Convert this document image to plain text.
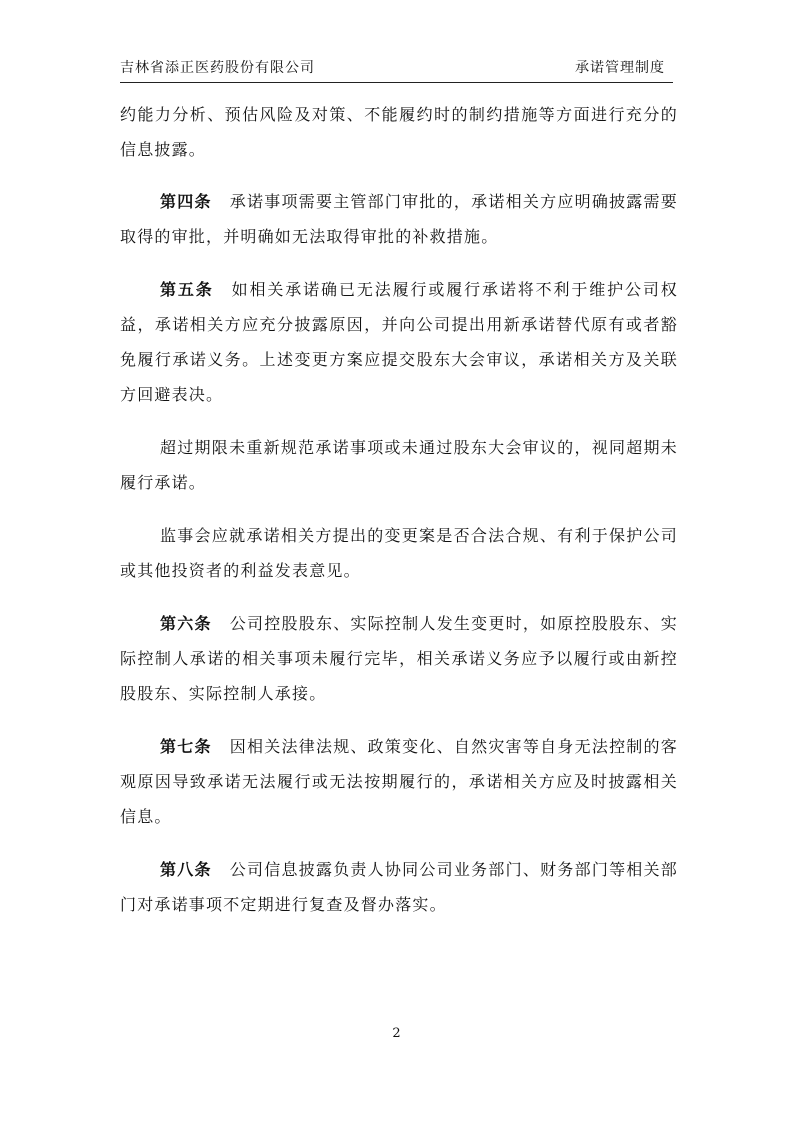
吉林省添正医药股份有限公司	承诺管理制度

约能力分析、预估风险及对策、不能履约时的制约措施等方面进行充分的信息披露。

第四条 承诺事项需要主管部门审批的，承诺相关方应明确披露需要取得的审批，并明确如无法取得审批的补救措施。

第五条 如相关承诺确已无法履行或履行承诺将不利于维护公司权益，承诺相关方应充分披露原因，并向公司提出用新承诺替代原有或者豁免履行承诺义务。上述变更方案应提交股东大会审议，承诺相关方及关联方回避表决。

超过期限未重新规范承诺事项或未通过股东大会审议的，视同超期未履行承诺。

监事会应就承诺相关方提出的变更案是否合法合规、有利于保护公司或其他投资者的利益发表意见。

第六条 公司控股股东、实际控制人发生变更时，如原控股股东、实际控制人承诺的相关事项未履行完毕，相关承诺义务应予以履行或由新控股股东、实际控制人承接。

第七条 因相关法律法规、政策变化、自然灾害等自身无法控制的客观原因导致承诺无法履行或无法按期履行的，承诺相关方应及时披露相关信息。

第八条 公司信息披露负责人协同公司业务部门、财务部门等相关部门对承诺事项不定期进行复查及督办落实。

2
